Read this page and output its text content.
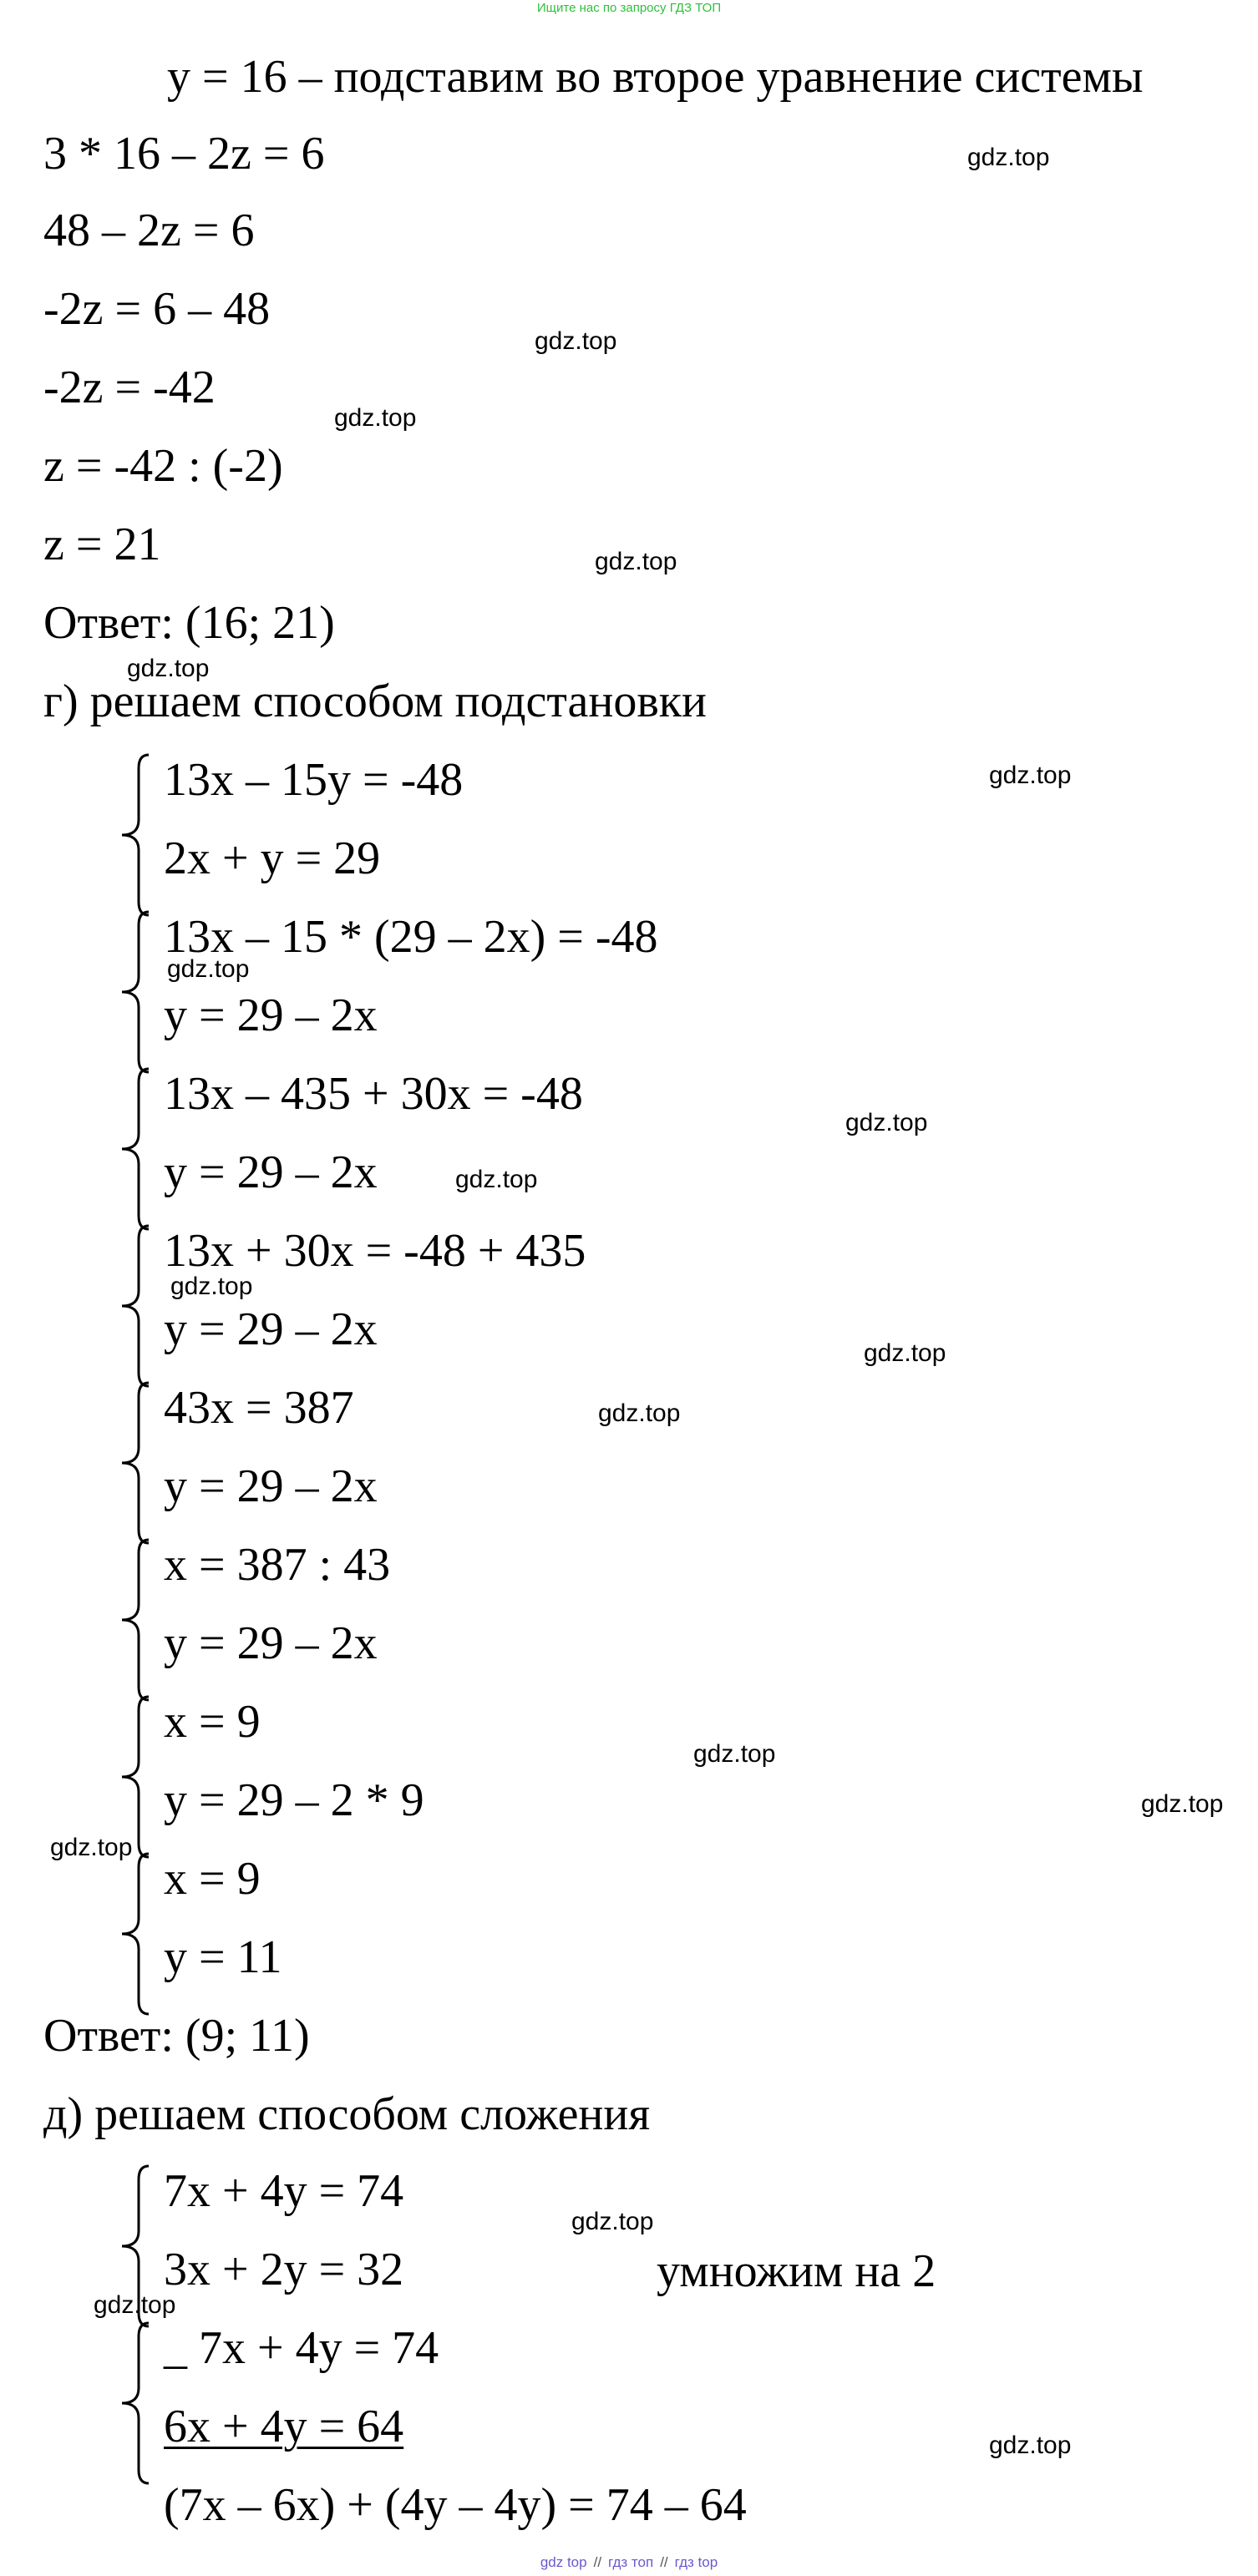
Ищите нас по запросу ГДЗ ТОП
y = 16 – подставим во второе уравнение системы
3 * 16 – 2z = 6
48 – 2z = 6
-2z = 6 – 48
-2z = -42
z = -42 : (-2)
z = 21
Ответ: (16; 21)
г) решаем способом подстановки
13x – 15y = -48
2x + y = 29
13x – 15 * (29 – 2x) = -48
y = 29 – 2x
13x – 435 + 30x = -48
y = 29 – 2x
13x + 30x = -48 + 435
y = 29 – 2x
43x = 387
y = 29 – 2x
x = 387 : 43
y = 29 – 2x
x = 9
y = 29 – 2 * 9
x = 9
y = 11
Ответ: (9; 11)
д) решаем способом сложения
7x + 4y = 74
3x + 2y = 32	умножим на 2
_ 7x + 4y = 74
6x + 4y = 64
(7x – 6x) + (4y – 4y) = 74 – 64
gdz.top
gdz.top
gdz.top
gdz.top
gdz.top
gdz.top
gdz.top
gdz.top
gdz.top
gdz.top
gdz.top
gdz.top
gdz.top
gdz.top
gdz.top
gdz.top
gdz.top
gdz.top
gdz top // гдз топ // гдз top
